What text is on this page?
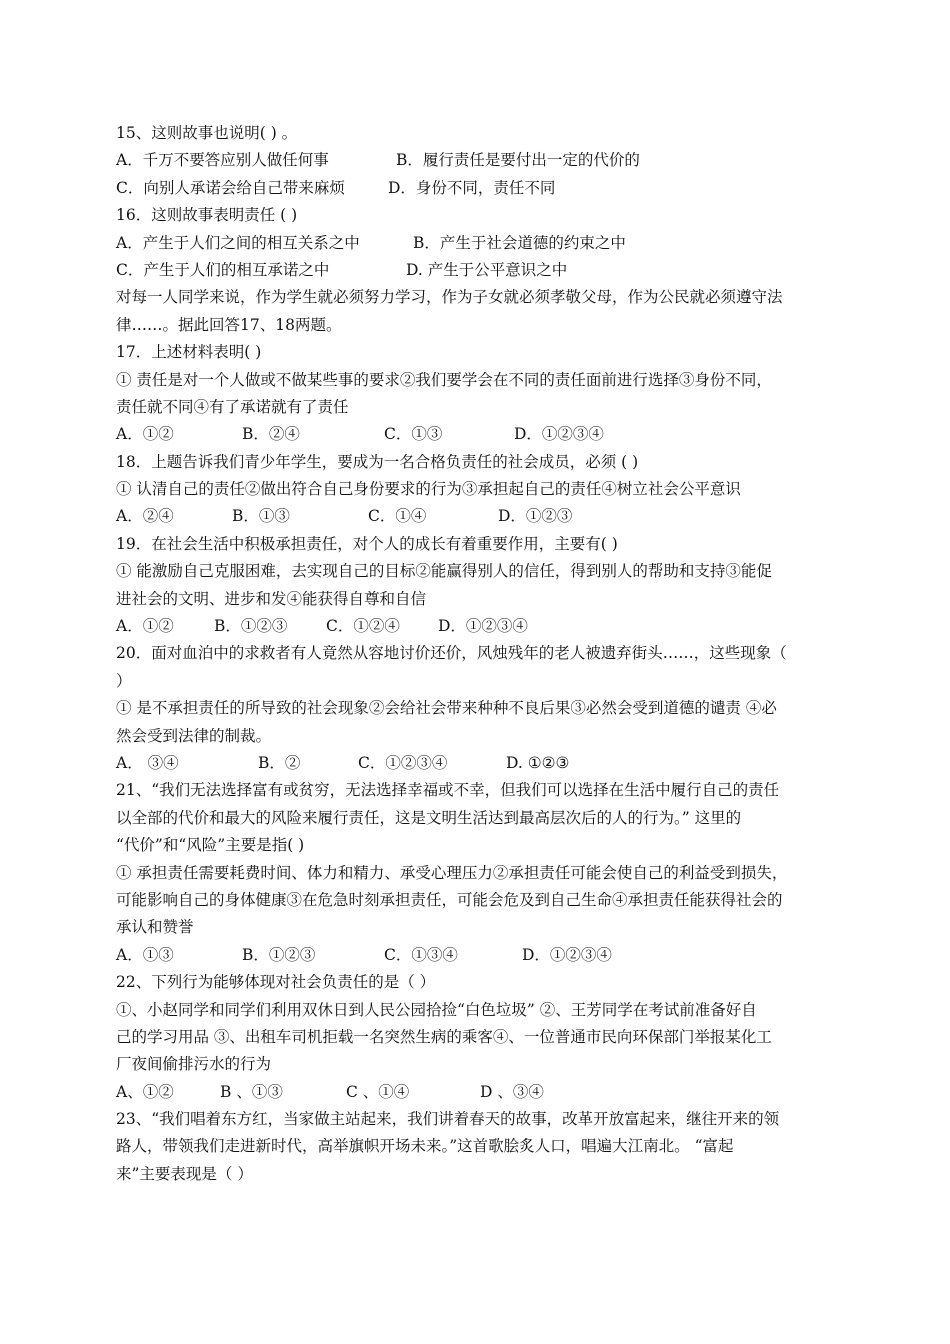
15、这则故事也说明( ) 。
A．千万不要答应别人做任何事	B．履行责任是要付出一定的代价的
C．向别人承诺会给自己带来麻烦	D．身份不同，责任不同
16．这则故事表明责任 ( )
A．产生于人们之间的相互关系之中	B．产生于社会道德的约束之中
C．产生于人们的相互承诺之中	D. 产生于公平意识之中
对每一人同学来说，作为学生就必须努力学习，作为子女就必须孝敬父母，作为公民就必须遵守法
律……。据此回答17、18两题。
17．上述材料表明( )
① 责任是对一个人做或不做某些事的要求②我们要学会在不同的责任面前进行选择③身份不同，
责任就不同④有了承诺就有了责任
A．①②	B．②④	C．①③	D．①②③④
18．上题告诉我们青少年学生，要成为一名合格负责任的社会成员，必须 ( )
① 认清自己的责任②做出符合自己身份要求的行为③承担起自己的责任④树立社会公平意识
A．②④	B．①③	C．①④	D．①②③
19．在社会生活中积极承担责任，对个人的成长有着重要作用，主要有( )
① 能激励自己克服困难，去实现自己的目标②能赢得别人的信任，得到别人的帮助和支持③能促
进社会的文明、进步和发④能获得自尊和自信
A．①②	B．①②③ C．①②④ D．①②③④
20．面对血泊中的求救者有人竟然从容地讨价还价，风烛残年的老人被遗弃街头……，这些现象（
）
① 是不承担责任的所导致的社会现象②会给社会带来种种不良后果③必然会受到道德的谴责 ④必
然会受到法律的制裁。
A． ③④	B．②	C．①②③④	D. ①②③
21、“我们无法选择富有或贫穷，无法选择幸福或不幸，但我们可以选择在生活中履行自己的责任
以全部的代价和最大的风险来履行责任，这是文明生活达到最高层次后的人的行为。” 这里的
“代价”和“风险”主要是指( )
① 承担责任需要耗费时间、体力和精力、承受心理压力②承担责任可能会使自己的利益受到损失，
可能影响自己的身体健康③在危急时刻承担责任，可能会危及到自己生命④承担责任能获得社会的
承认和赞誉
A．①③	B．①②③	C．①③④	D．①②③④
22、下列行为能够体现对社会负责任的是（ ）
①、小赵同学和同学们利用双休日到人民公园拾捡“白色垃圾” ②、王芳同学在考试前准备好自
己的学习用品 ③、出租车司机拒载一名突然生病的乘客④、一位普通市民向环保部门举报某化工
厂夜间偷排污水的行为
A、①②	B 、①③	C 、①④	D 、③④
23、“我们唱着东方红，当家做主站起来，我们讲着春天的故事，改革开放富起来，继往开来的领
路人，带领我们走进新时代，高举旗帜开场未来。”这首歌脍炙人口，唱遍大江南北。 “富起
来”主要表现是（ ）
